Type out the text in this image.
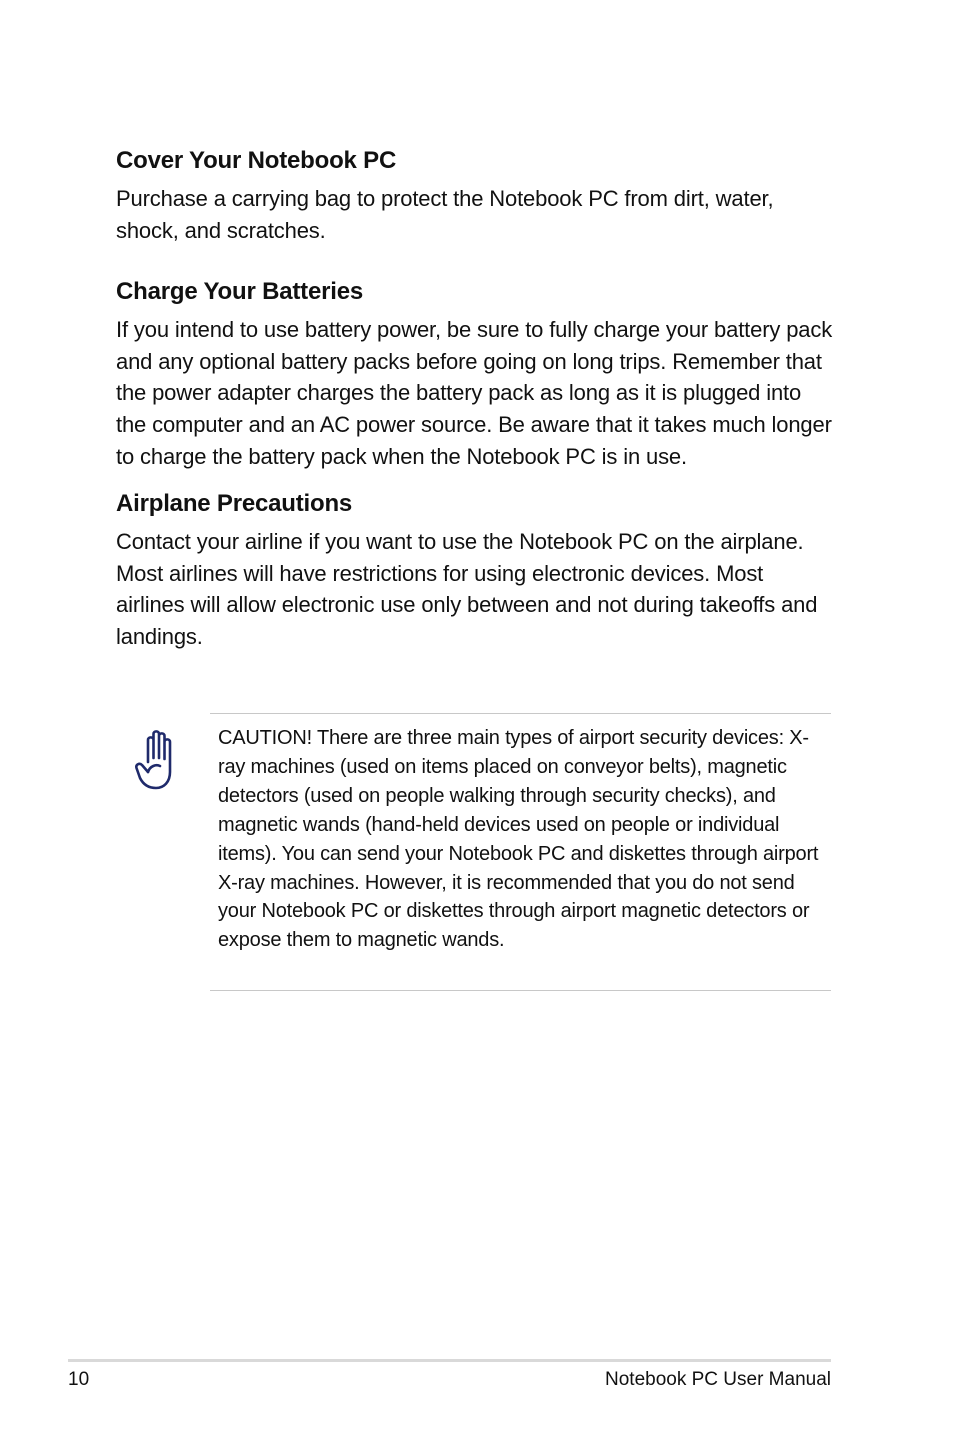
Cover Your Notebook PC

Purchase a carrying bag to protect the Notebook PC from dirt, water, shock, and scratches.

Charge Your Batteries

If you intend to use battery power, be sure to fully charge your battery pack and any optional battery packs before going on long trips. Remember that the power adapter charges the battery pack as long as it is plugged into the computer and an AC power source. Be aware that it takes much longer to charge the battery pack when the Notebook PC is in use.

Airplane Precautions

Contact your airline if you want to use the Notebook PC on the airplane. Most airlines will have restrictions for using electronic devices. Most airlines will allow electronic use only between and not during takeoffs and landings.

CAUTION! There are three main types of airport security devices: X-ray machines (used on items placed on conveyor belts), magnetic detectors (used on people walking through security checks), and magnetic wands (hand-held devices used on people or individual items). You can send your Notebook PC and diskettes through airport X-ray machines. However, it is recommended that you do not send your Notebook PC or diskettes through airport magnetic detectors or expose them to magnetic wands.

10	Notebook PC User Manual
